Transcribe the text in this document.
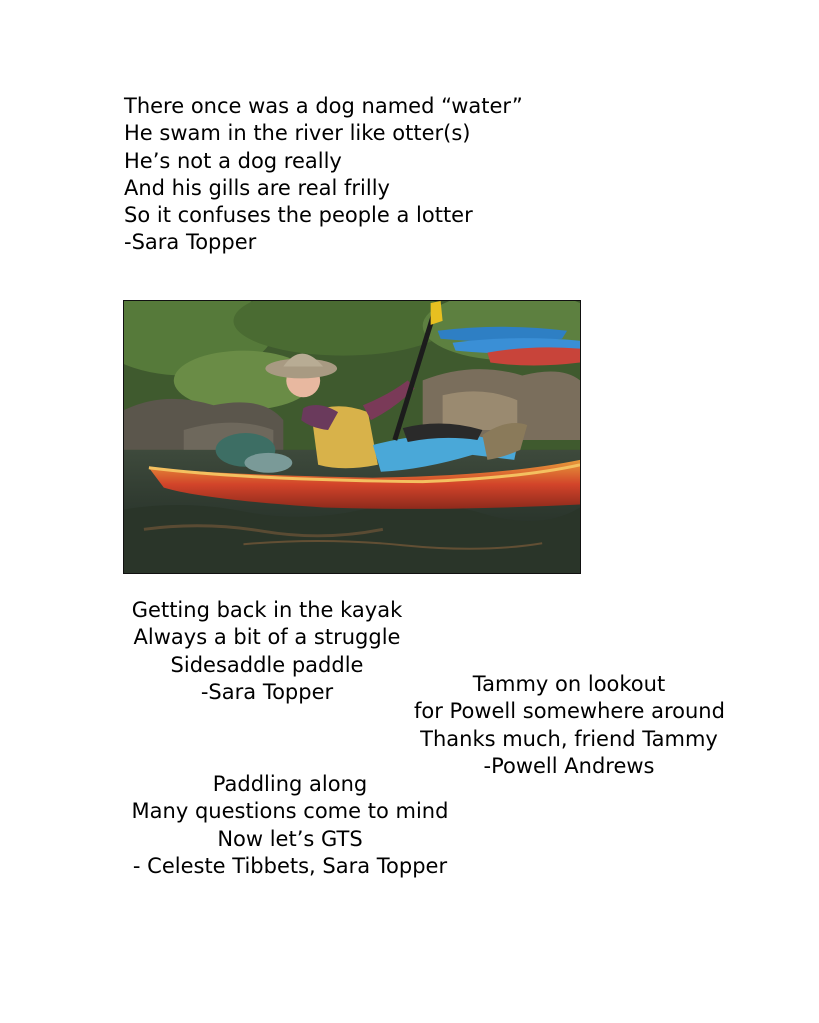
There once was a dog named “water”
He swam in the river like otter(s)
He’s not a dog really
And his gills are real frilly
So it confuses the people a lotter
-Sara Topper
Getting back in the kayak
Always a bit of a struggle
Sidesaddle paddle
-Sara Topper	Tammy on lookout
for Powell somewhere around
Thanks much, friend Tammy
-Powell Andrews
Paddling along
Many questions come to mind
Now let’s GTS
- Celeste Tibbets, Sara Topper
